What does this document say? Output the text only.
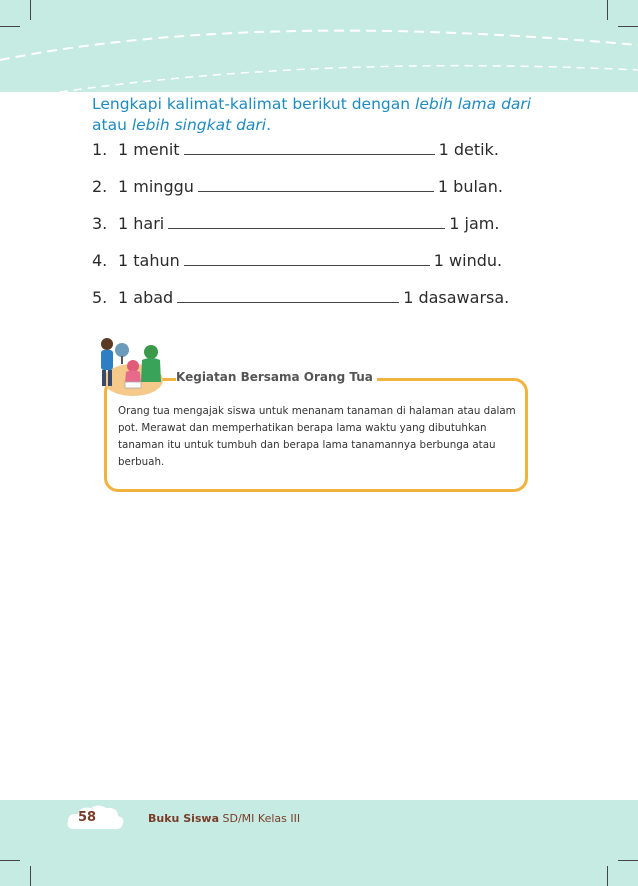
Lengkapi kalimat-kalimat berikut dengan lebih lama dari atau lebih singkat dari.

1. 1 menit	1 detik.
2. 1 minggu	1 bulan.
3. 1 hari	1 jam.
4. 1 tahun	1 windu.
5. 1 abad	1 dasawarsa.
Kegiatan Bersama Orang Tua

Orang tua mengajak siswa untuk menanam tanaman di halaman atau dalam pot. Merawat dan memperhatikan berapa lama waktu yang dibutuhkan tanaman itu untuk tumbuh dan berapa lama tanamannya berbunga atau berbuah.

58	Buku Siswa SD/MI Kelas III
